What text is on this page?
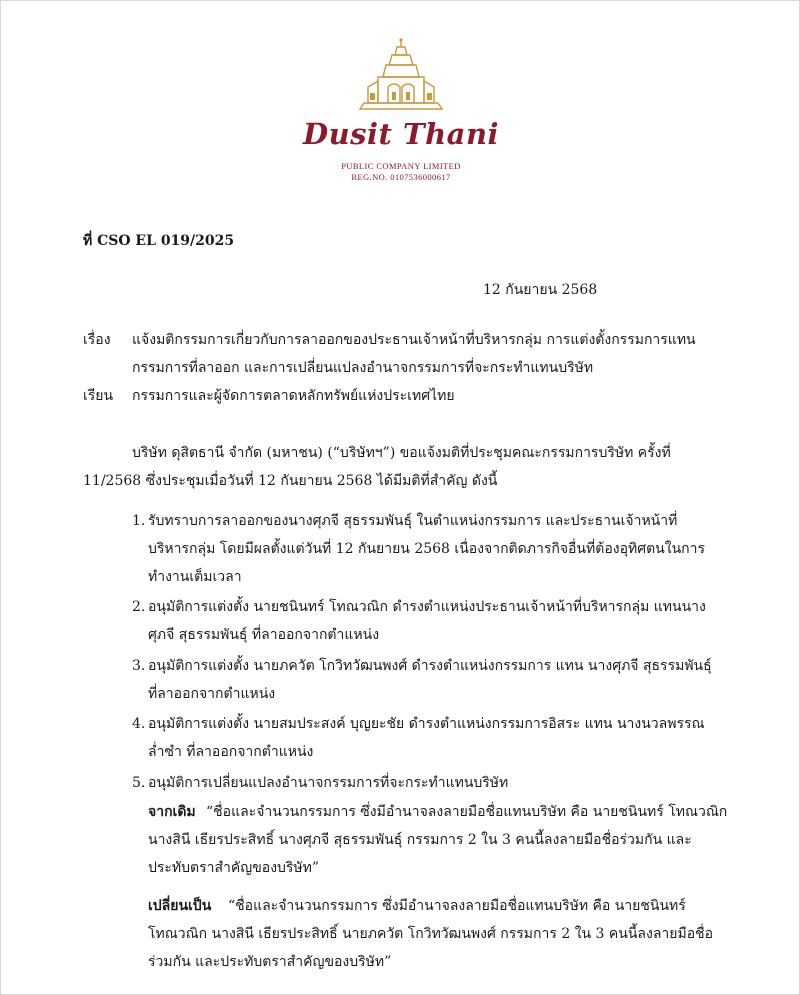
Dusit Thani
PUBLIC COMPANY LIMITED
REG.NO. 0107536000617
ที่ CSO EL 019/2025
12 กันยายน 2568
เรื่อง แจ้งมติกรรมการเกี่ยวกับการลาออกของประธานเจ้าหน้าที่บริหารกลุ่ม การแต่งตั้งกรรมการแทน
กรรมการที่ลาออก และการเปลี่ยนแปลงอำนาจกรรมการที่จะกระทำแทนบริษัท
เรียน กรรมการและผู้จัดการตลาดหลักทรัพย์แห่งประเทศไทย
บริษัท ดุสิตธานี จำกัด (มหาชน) (“บริษัทฯ”) ขอแจ้งมติที่ประชุมคณะกรรมการบริษัท ครั้งที่
11/2568 ซึ่งประชุมเมื่อวันที่ 12 กันยายน 2568 ได้มีมติที่สำคัญ ดังนี้
1. รับทราบการลาออกของนางศุภจี สุธรรมพันธุ์ ในตำแหน่งกรรมการ และประธานเจ้าหน้าที่
บริหารกลุ่ม โดยมีผลตั้งแต่วันที่ 12 กันยายน 2568 เนื่องจากติดภารกิจอื่นที่ต้องอุทิศตนในการ
ทำงานเต็มเวลา
2. อนุมัติการแต่งตั้ง นายชนินทร์ โทณวณิก ดำรงตำแหน่งประธานเจ้าหน้าที่บริหารกลุ่ม แทนนาง
ศุภจี สุธรรมพันธุ์ ที่ลาออกจากตำแหน่ง
3. อนุมัติการแต่งตั้ง นายภควัต โกวิทวัฒนพงศ์ ดำรงตำแหน่งกรรมการ แทน นางศุภจี สุธรรมพันธุ์
ที่ลาออกจากตำแหน่ง
4. อนุมัติการแต่งตั้ง นายสมประสงค์ บุญยะชัย ดำรงตำแหน่งกรรมการอิสระ แทน นางนวลพรรณ
ล่ำซำ ที่ลาออกจากตำแหน่ง
5. อนุมัติการเปลี่ยนแปลงอำนาจกรรมการที่จะกระทำแทนบริษัท
จากเดิม “ชื่อและจำนวนกรรมการ ซึ่งมีอำนาจลงลายมือชื่อแทนบริษัท คือ นายชนินทร์ โทณวณิก
นางสินี เธียรประสิทธิ์ นางศุภจี สุธรรมพันธุ์ กรรมการ 2 ใน 3 คนนี้ลงลายมือชื่อร่วมกัน และ
ประทับตราสำคัญของบริษัท”
เปลี่ยนเป็น “ชื่อและจำนวนกรรมการ ซึ่งมีอำนาจลงลายมือชื่อแทนบริษัท คือ นายชนินทร์
โทณวณิก นางสินี เธียรประสิทธิ์ นายภควัต โกวิทวัฒนพงศ์ กรรมการ 2 ใน 3 คนนี้ลงลายมือชื่อ
ร่วมกัน และประทับตราสำคัญของบริษัท”
